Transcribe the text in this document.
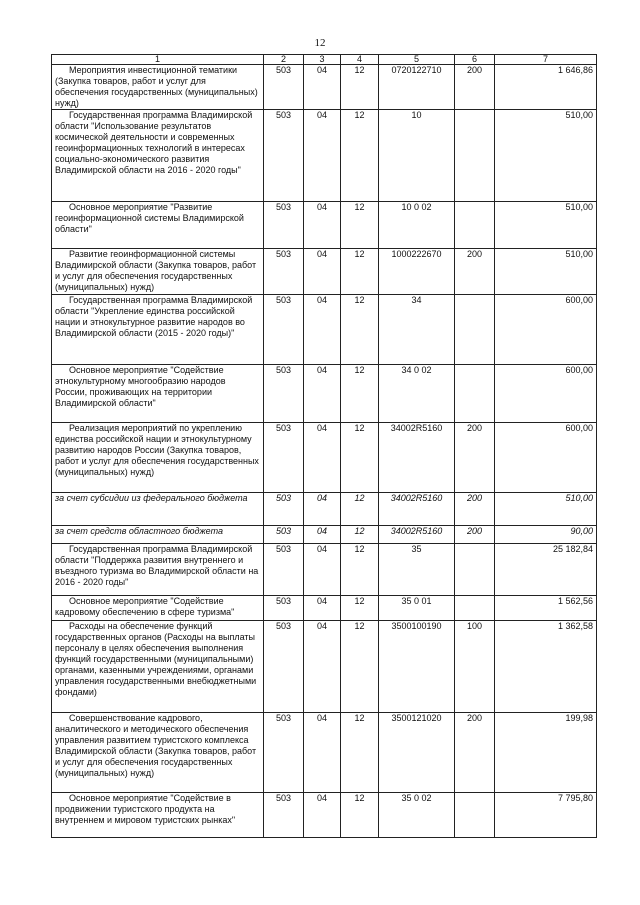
12
1	2	3	4	5	6	7
Мероприятия инвестиционной тематики (Закупка товаров, работ и услуг для обеспечения государственных (муниципальных) нужд)	503	04	12	0720122710	200	1 646,86
Государственная программа Владимирской области "Использование результатов космической деятельности и современных геоинформационных технологий в интересах социально-экономического развития Владимирской области на 2016 - 2020 годы"	503	04	12	10		510,00
Основное мероприятие "Развитие геоинформационной системы Владимирской области"	503	04	12	10 0 02		510,00
Развитие геоинформационной системы Владимирской области (Закупка товаров, работ и услуг для обеспечения государственных (муниципальных) нужд)	503	04	12	1000222670	200	510,00
Государственная программа Владимирской области "Укрепление единства российской нации и этнокультурное развитие народов во Владимирской области (2015 - 2020 годы)"	503	04	12	34		600,00
Основное мероприятие "Содействие этнокультурному многообразию народов России, проживающих на территории Владимирской области"	503	04	12	34 0 02		600,00
Реализация мероприятий по укреплению единства российской нации и этнокультурному развитию народов России (Закупка товаров, работ и услуг для обеспечения государственных (муниципальных) нужд)	503	04	12	34002R5160	200	600,00
за счет субсидии из федерального бюджета	503	04	12	34002R5160	200	510,00
за счет средств областного бюджета	503	04	12	34002R5160	200	90,00
Государственная программа Владимирской области "Поддержка развития внутреннего и въездного туризма во Владимирской области на 2016 - 2020 годы"	503	04	12	35		25 182,84
Основное мероприятие "Содействие кадровому обеспечению в сфере туризма"	503	04	12	35 0 01		1 562,56
Расходы на обеспечение функций государственных органов (Расходы на выплаты персоналу в целях обеспечения выполнения функций государственными (муниципальными) органами, казенными учреждениями, органами управления государственными внебюджетными фондами)	503	04	12	3500100190	100	1 362,58
Совершенствование кадрового, аналитического и методического обеспечения управления развитием туристского комплекса Владимирской области (Закупка товаров, работ и услуг для обеспечения государственных (муниципальных) нужд)	503	04	12	3500121020	200	199,98
Основное мероприятие "Содействие в продвижении туристского продукта на внутреннем и мировом туристских рынках"	503	04	12	35 0 02		7 795,80
